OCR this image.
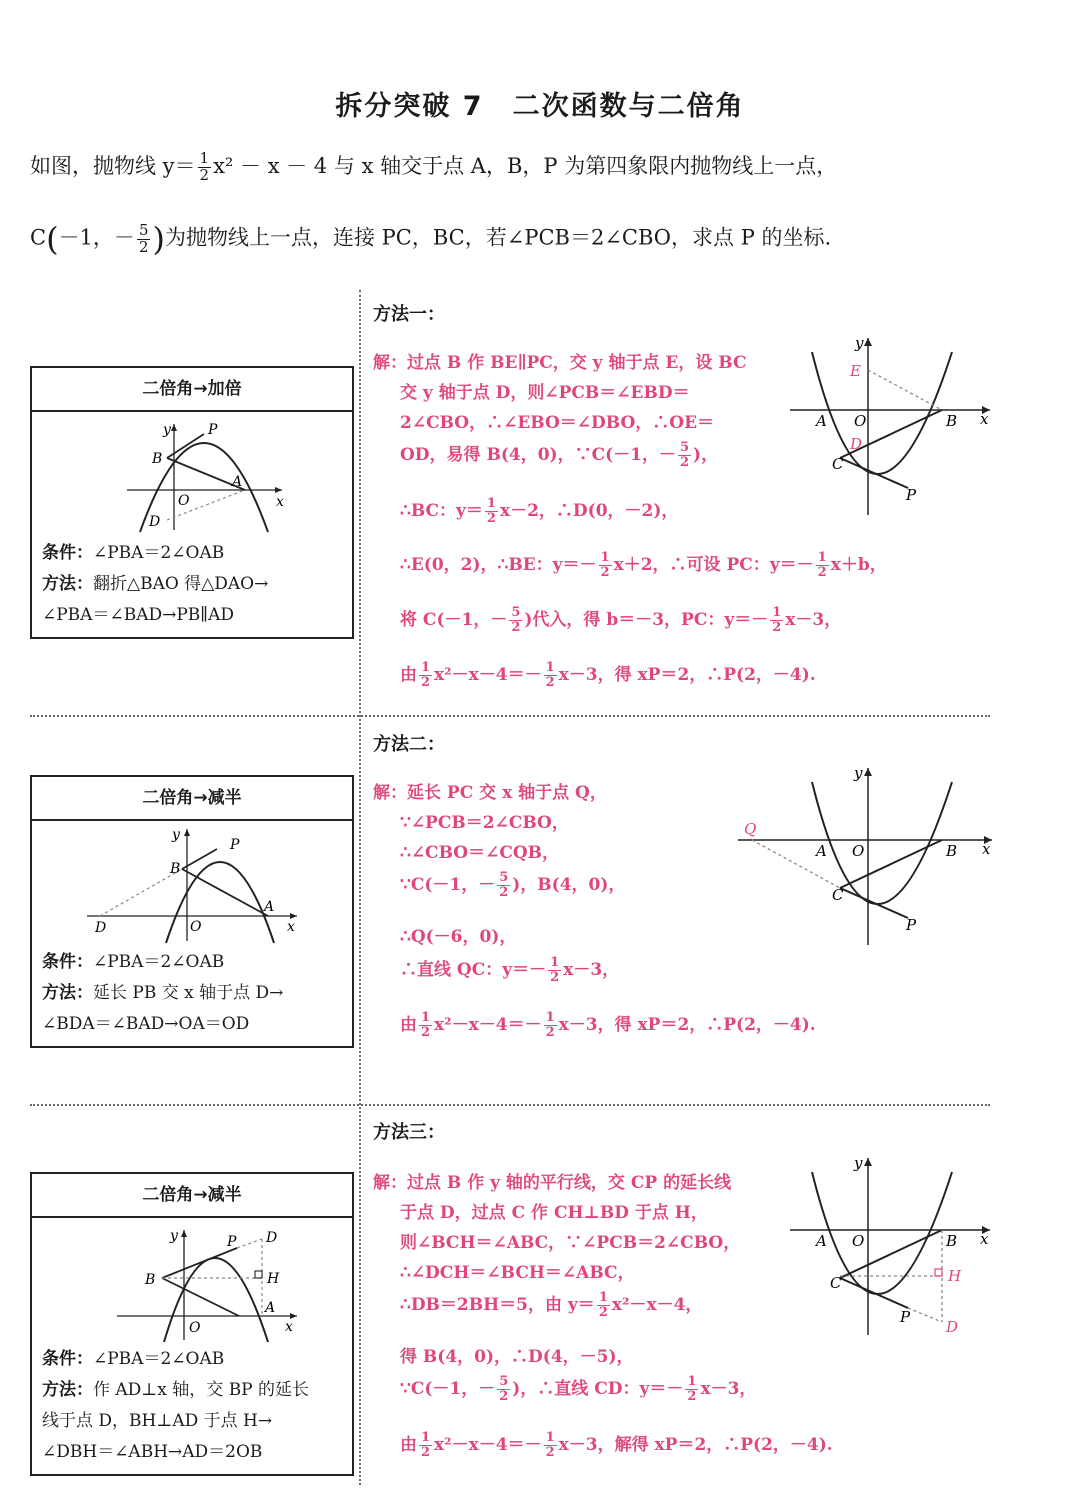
拆分突破 7　二次函数与二倍角
如图，抛物线 $y= \frac{1}{2} x^2 - x - 4$ 与 x 轴交于点 A，B，P 为第四象限内抛物线上一点，
C(－1，－ $\frac{5}{2}$ )为抛物线上一点，连接 PC，BC，若∠PCB＝2∠CBO，求点 P 的坐标.
方法一：
方法二：
方法三：
解：过点 B 作 BE∥PC，交 y 轴于点 E，设 BC
交 y 轴于点 D，则∠PCB＝∠EBD＝
2∠CBO，∴∠EBO＝∠DBO，∴OE＝
OD，易得 B(4，0)，∵C(－1，－ $\frac{5}{2}$ )，
∴BC：$y= \frac{1}{2} x-2$，∴D(0，－2)，
∴E(0，2)，∴BE：$y=- \frac{1}{2} x+2$，∴可设 PC：$y=- \frac{1}{2} x+b$，
将 C(－1，－ $\frac{5}{2}$ )代入，得 b＝－3，PC：$y=- \frac{1}{2} x-3$，
由 $\frac{1}{2} x^2-x-4=- \frac{1}{2} x-3$，得 xP＝2，∴P(2，－4).
x
y
O
A	B
C
D
E
P
解：延长 PC 交 x 轴于点 Q，
∵∠PCB＝2∠CBO，
∴∠CBO＝∠CQB，
∵C(－1，－ $\frac{5}{2}$ )，B(4，0)，
∴Q(－6，0)，
∴直线 QC：$y=- \frac{1}{2} x-3$，
由 $\frac{1}{2} x^2-x-4=- \frac{1}{2} x-3$，得 xP＝2，∴P(2，－4).
x
y
O
A	B
C
Q
P
解：过点 B 作 y 轴的平行线，交 CP 的延长线
于点 D，过点 C 作 CH⊥BD 于点 H，
则∠BCH＝∠ABC，∵∠PCB＝2∠CBO，
∴∠DCH＝∠BCH＝∠ABC，
∴DB＝2BH＝5，由 $y= \frac{1}{2} x^2-x-4$，
得 B(4，0)，∴D(4，－5)，
∵C(－1，－ $\frac{5}{2}$ )，∴直线 CD：$y=- \frac{1}{2} x-3$，
由 $\frac{1}{2} x^2-x-4=- \frac{1}{2} x-3$，解得 xP＝2，∴P(2，－4).
x
y
O
A	B
C	H
D
P
二倍角→加倍
x
y
O
A
B
P
D
条件：∠PBA＝2∠OAB
方法：翻折△BAO 得△DAO→
∠PBA＝∠BAD→PB∥AD
二倍角→减半
x
y
O
A
B
P
D
条件：∠PBA＝2∠OAB
方法：延长 PB 交 x 轴于点 D→
∠BDA＝∠BAD→OA＝OD
二倍角→减半
x
y
O
A
B
P D
H
条件：∠PBA＝2∠OAB
方法：作 AD⊥x 轴，交 BP 的延长
线于点 D，BH⊥AD 于点 H→
∠DBH＝∠ABH→AD＝2OB
